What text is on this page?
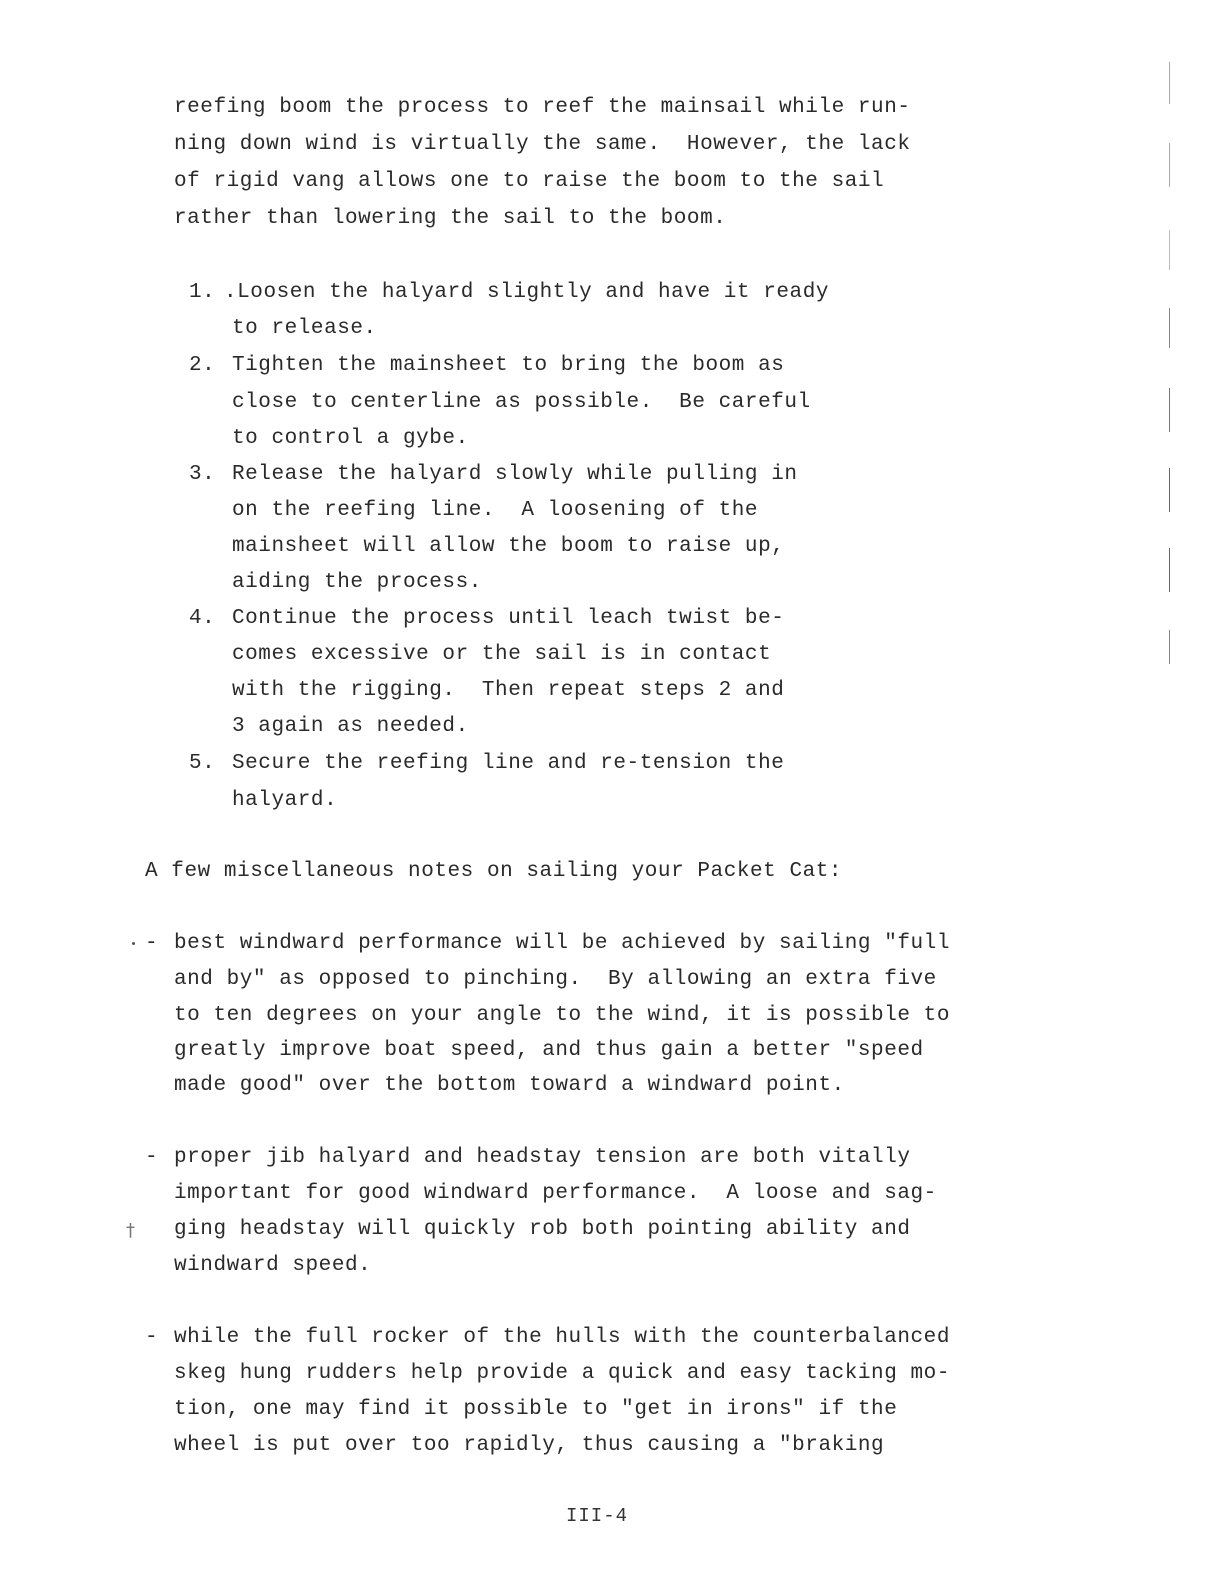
reefing boom the process to reef the mainsail while run-
ning down wind is virtually the same.  However, the lack
of rigid vang allows one to raise the boom to the sail
rather than lowering the sail to the boom.
1. .Loosen the halyard slightly and have it ready
to release.
2. Tighten the mainsheet to bring the boom as
close to centerline as possible.  Be careful
to control a gybe.
3. Release the halyard slowly while pulling in
on the reefing line.  A loosening of the
mainsheet will allow the boom to raise up,
aiding the process.
4. Continue the process until leach twist be-
comes excessive or the sail is in contact
with the rigging.  Then repeat steps 2 and
3 again as needed.
5. Secure the reefing line and re-tension the
halyard.
A few miscellaneous notes on sailing your Packet Cat:
- best windward performance will be achieved by sailing "full
and by" as opposed to pinching.  By allowing an extra five
to ten degrees on your angle to the wind, it is possible to
greatly improve boat speed, and thus gain a better "speed
made good" over the bottom toward a windward point.
- proper jib halyard and headstay tension are both vitally
important for good windward performance.  A loose and sag-
ging headstay will quickly rob both pointing ability and
windward speed.
- while the full rocker of the hulls with the counterbalanced
skeg hung rudders help provide a quick and easy tacking mo-
tion, one may find it possible to "get in irons" if the
wheel is put over too rapidly, thus causing a "braking
III-4
†
